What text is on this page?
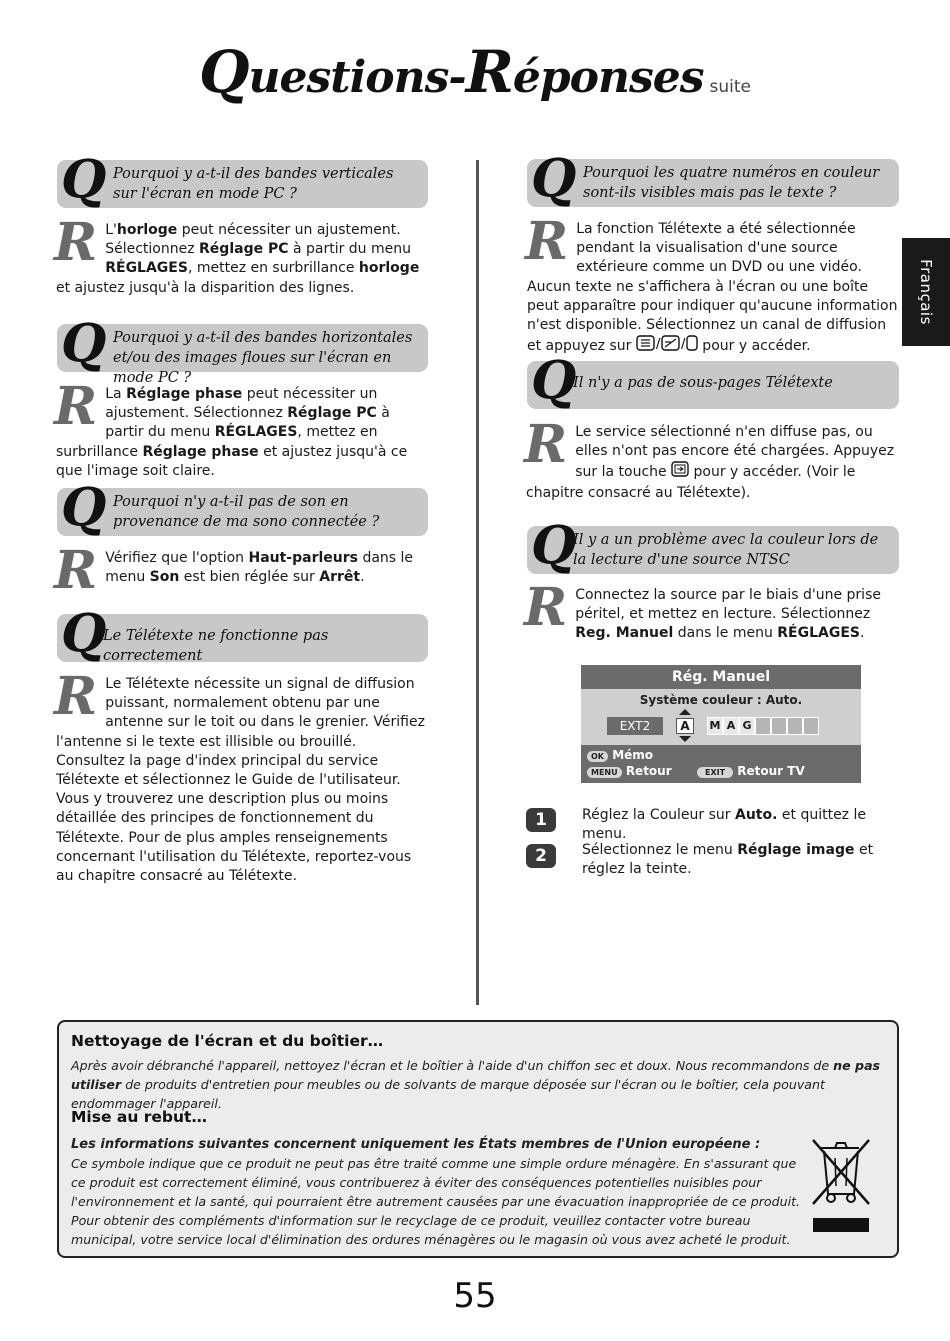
Questions-Réponses suite
Français
Q Pourquoi y a-t-il des bandes verticales sur l'écran en mode PC ?
R L'horloge peut nécessiter un ajustement. Sélectionnez Réglage PC à partir du menu RÉGLAGES, mettez en surbrillance horloge et ajustez jusqu'à la disparition des lignes.
Q Pourquoi y a-t-il des bandes horizontales et/ou des images floues sur l'écran en mode PC ?
R La Réglage phase peut nécessiter un ajustement. Sélectionnez Réglage PC à partir du menu RÉGLAGES, mettez en surbrillance Réglage phase et ajustez jusqu'à ce que l'image soit claire.
Q Pourquoi n'y a-t-il pas de son en provenance de ma sono connectée ?
R Vérifiez que l'option Haut-parleurs dans le menu Son est bien réglée sur Arrêt.
Q
Le Télétexte ne fonctionne pas correctement
R Le Télétexte nécessite un signal de diffusion puissant, normalement obtenu par une antenne sur le toit ou dans le grenier. Vérifiez l'antenne si le texte est illisible ou brouillé. Consultez la page d'index principal du service Télétexte et sélectionnez le Guide de l'utilisateur. Vous y trouverez une description plus ou moins détaillée des principes de fonctionnement du Télétexte. Pour de plus amples renseignements concernant l'utilisation du Télétexte, reportez-vous au chapitre consacré au Télétexte.
Q Pourquoi les quatre numéros en couleur sont-ils visibles mais pas le texte ?
R La fonction Télétexte a été sélectionnée pendant la visualisation d'une source extérieure comme un DVD ou une vidéo. Aucun texte ne s'affichera à l'écran ou une boîte peut apparaître pour indiquer qu'aucune information n'est disponible. Sélectionnez un canal de diffusion et appuyez sur / / pour y accéder.
Q
Il n'y a pas de sous-pages Télétexte
R Le service sélectionné n'en diffuse pas, ou elles n'ont pas encore été chargées. Appuyez sur la touche  pour y accéder. (Voir le chapitre consacré au Télétexte).
Q
Il y a un problème avec la couleur lors de la lecture d'une source NTSC
R Connectez la source par le biais d'une prise péritel, et mettez en lecture. Sélectionnez Reg. Manuel dans le menu RÉGLAGES.
Rég. Manuel
Système couleur : Auto.
EXT2	A	M A G
OK Mémo
MENU Retour	EXIT Retour TV
1	Réglez la Couleur sur Auto. et quittez le menu.
2	Sélectionnez le menu Réglage image et réglez la teinte.
Nettoyage de l'écran et du boîtier…

Après avoir débranché l'appareil, nettoyez l'écran et le boîtier à l'aide d'un chiffon sec et doux. Nous recommandons de ne pas utiliser de produits d'entretien pour meubles ou de solvants de marque déposée sur l'écran ou le boîtier, cela pouvant endommager l'appareil.

Mise au rebut…

Les informations suivantes concernent uniquement les États membres de l'Union européene :

Ce symbole indique que ce produit ne peut pas être traité comme une simple ordure ménagère. En s'assurant que ce produit est correctement éliminé, vous contribuerez à éviter des conséquences potentielles nuisibles pour l'environnement et la santé, qui pourraient être autrement causées par une évacuation inappropriée de ce produit. Pour obtenir des compléments d'information sur le recyclage de ce produit, veuillez contacter votre bureau municipal, votre service local d'élimination des ordures ménagères ou le magasin où vous avez acheté le produit.

55
